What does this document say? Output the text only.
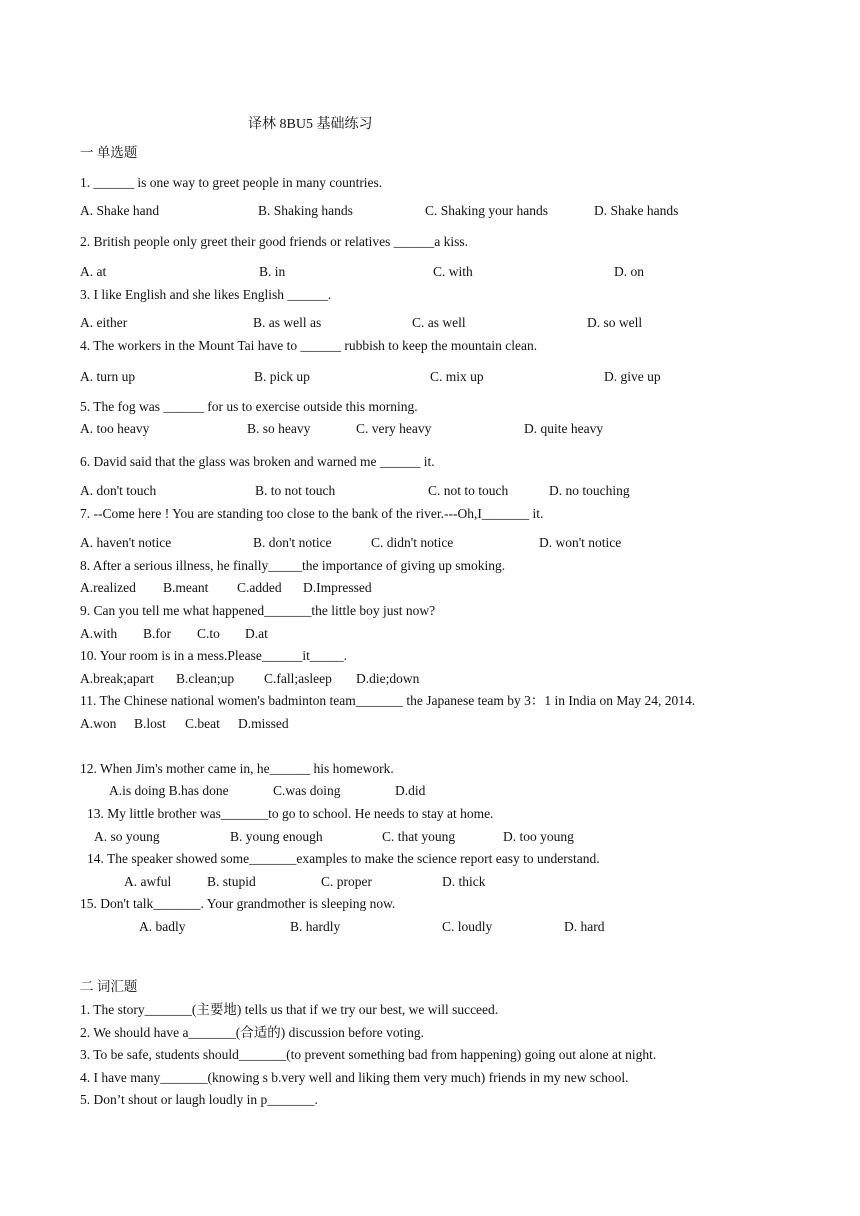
译林 8BU5 基础练习
一 单选题
1. ______ is one way to greet people in many countries.
A. Shake hand	B. Shaking hands	C. Shaking your hands	D. Shake hands
2. British people only greet their good friends or relatives ______a kiss.
A. at	B. in	C. with	D. on
3. I like English and she likes English ______.
A. either	B. as well as	C. as well	D. so well
4. The workers in the Mount Tai have to ______ rubbish to keep the mountain clean.
A. turn up	B. pick up	C. mix up	D. give up
5. The fog was ______ for us to exercise outside this morning.
A. too heavy	B. so heavy	C. very heavy	D. quite heavy
6. David said that the glass was broken and warned me ______ it.
A. don't touch	B. to not touch	C. not to touch	D. no touching
7. --Come here ! You are standing too close to the bank of the river.---Oh,I_______ it.
A. haven't notice	B. don't notice	C. didn't notice	D. won't notice
8. After a serious illness, he finally_____the importance of giving up smoking.
A.realized B.meant C.added D.Impressed
9. Can you tell me what happened_______the little boy just now?
A.with B.for C.to D.at
10. Your room is in a mess.Please______it_____.
A.break;apart B.clean;up C.fall;asleep D.die;down
11. The Chinese national women's badminton team_______ the Japanese team by 3：1 in India on May 24, 2014.
A.won B.lost C.beat D.missed
12. When Jim's mother came in, he______ his homework.
A.is doing B.has done	C.was doing	D.did
13. My little brother was_______to go to school. He needs to stay at home.
A. so young	B. young enough	C. that young	D. too young
14. The speaker showed some_______examples to make the science report easy to understand.
A. awful	B. stupid	C. proper	D. thick
15. Don't talk_______. Your grandmother is sleeping now.
A. badly	B. hardly	C. loudly	D. hard
二 词汇题
1. The story_______(主要地) tells us that if we try our best, we will succeed.
2. We should have a_______(合适的) discussion before voting.
3. To be safe, students should_______(to prevent something bad from happening) going out alone at night.
4. I have many_______(knowing s b.very well and liking them very much) friends in my new school.
5. Don’t shout or laugh loudly in p_______.
